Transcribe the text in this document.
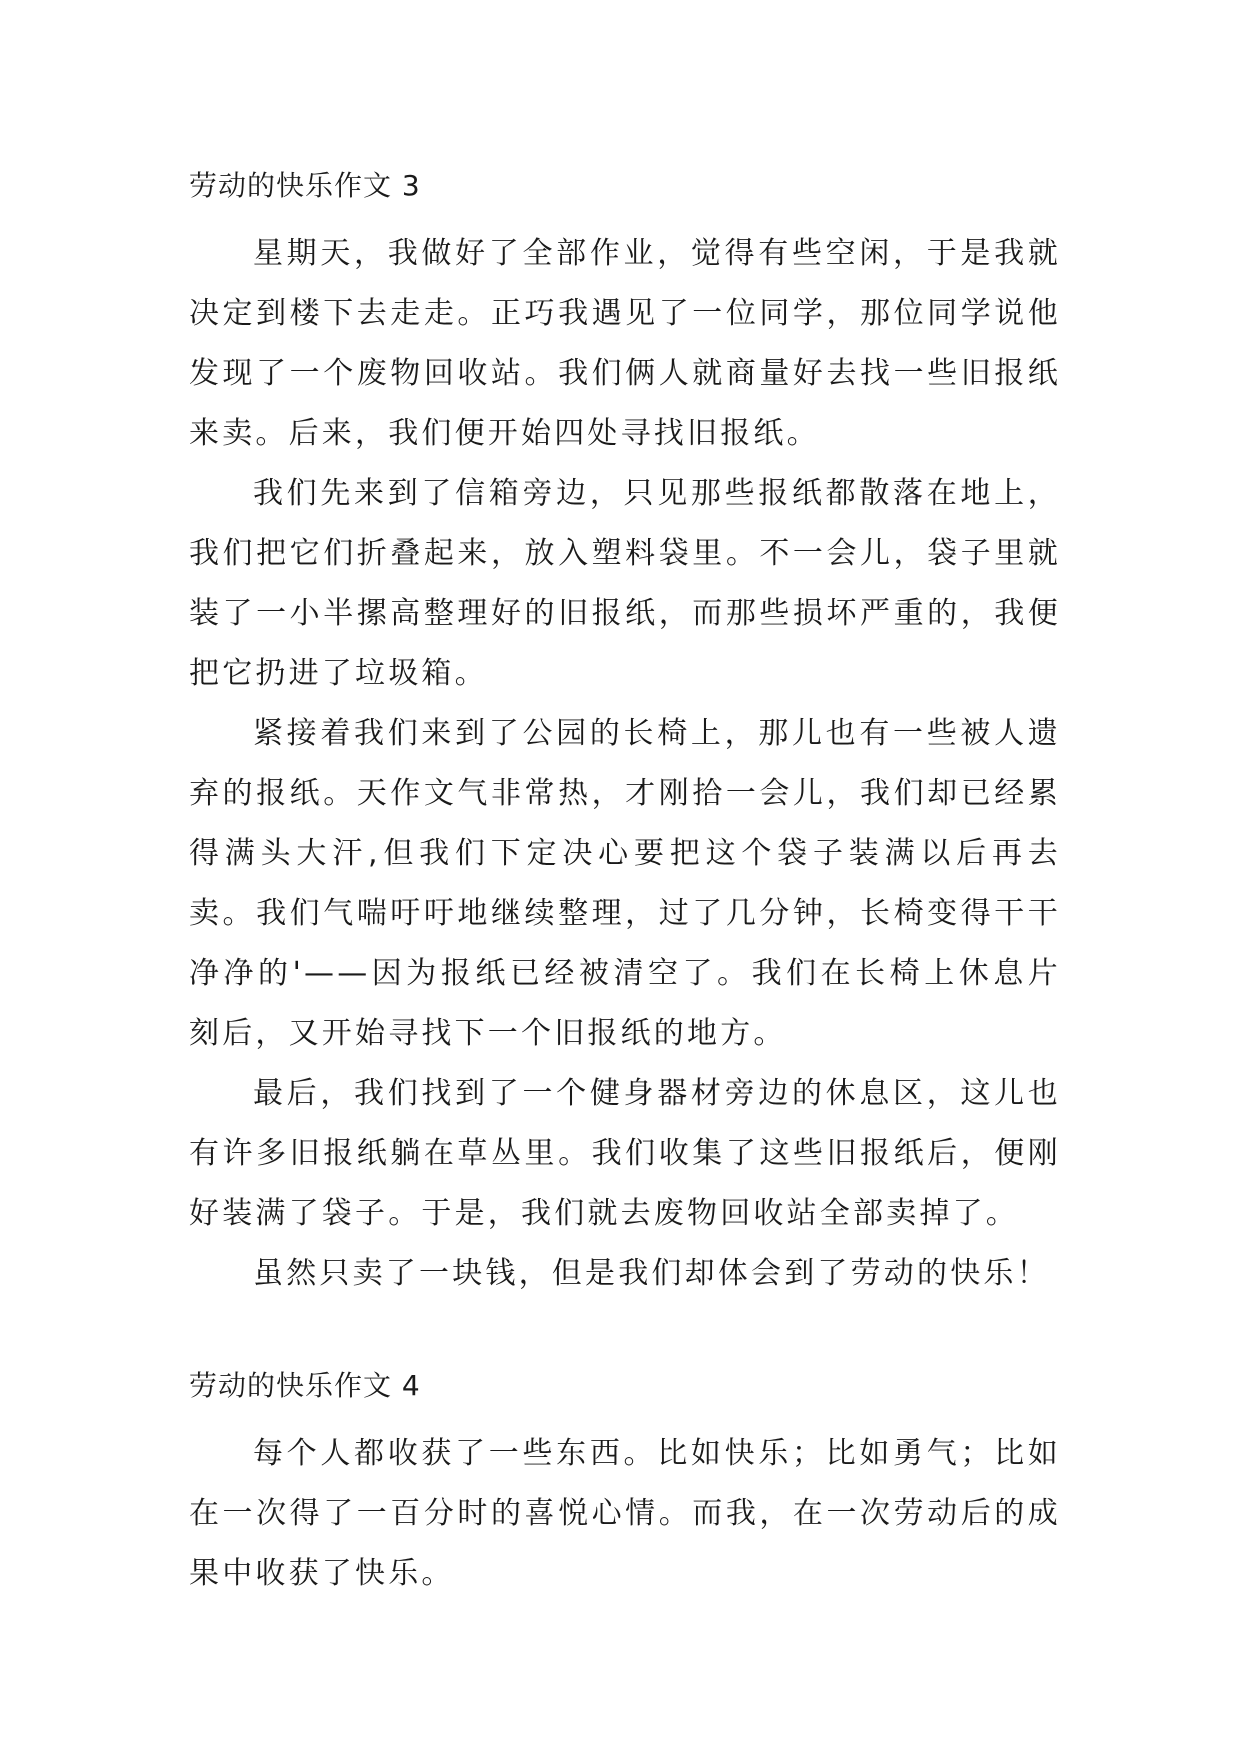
劳动的快乐作文 3

星期天，我做好了全部作业，觉得有些空闲，于是我就决定到楼下去走走。正巧我遇见了一位同学，那位同学说他发现了一个废物回收站。我们俩人就商量好去找一些旧报纸来卖。后来，我们便开始四处寻找旧报纸。

我们先来到了信箱旁边，只见那些报纸都散落在地上，我们把它们折叠起来，放入塑料袋里。不一会儿，袋子里就装了一小半摞高整理好的旧报纸，而那些损坏严重的，我便把它扔进了垃圾箱。

紧接着我们来到了公园的长椅上，那儿也有一些被人遗弃的报纸。天作文气非常热，才刚拾一会儿，我们却已经累得满头大汗,但我们下定决心要把这个袋子装满以后再去卖。我们气喘吁吁地继续整理，过了几分钟，长椅变得干干净净的'——因为报纸已经被清空了。我们在长椅上休息片刻后，又开始寻找下一个旧报纸的地方。

最后，我们找到了一个健身器材旁边的休息区，这儿也有许多旧报纸躺在草丛里。我们收集了这些旧报纸后，便刚好装满了袋子。于是，我们就去废物回收站全部卖掉了。

虽然只卖了一块钱，但是我们却体会到了劳动的快乐！

劳动的快乐作文 4

每个人都收获了一些东西。比如快乐；比如勇气；比如在一次得了一百分时的喜悦心情。而我，在一次劳动后的成果中收获了快乐。
